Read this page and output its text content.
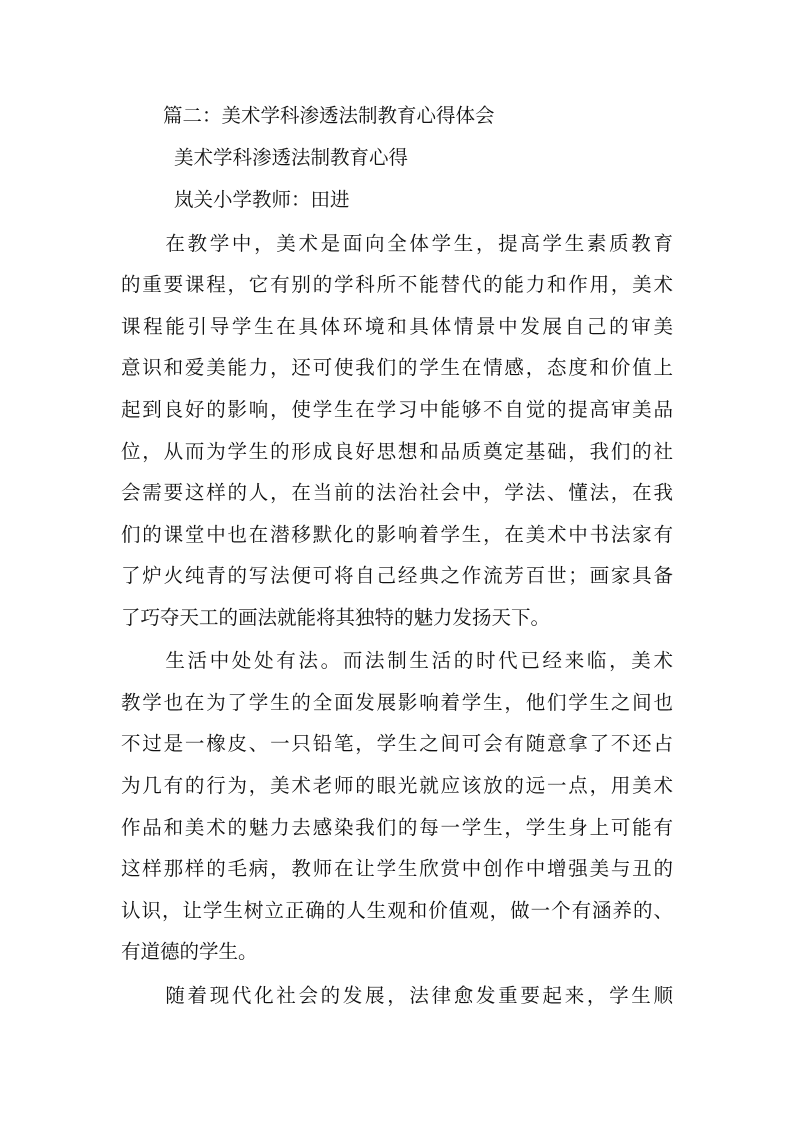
篇二：美术学科渗透法制教育心得体会
美术学科渗透法制教育心得
岚关小学教师：田进
　　在教学中，美术是面向全体学生，提高学生素质教育
的重要课程，它有别的学科所不能替代的能力和作用，美术
课程能引导学生在具体环境和具体情景中发展自己的审美
意识和爱美能力，还可使我们的学生在情感，态度和价值上
起到良好的影响，使学生在学习中能够不自觉的提高审美品
位，从而为学生的形成良好思想和品质奠定基础，我们的社
会需要这样的人，在当前的法治社会中，学法、懂法，在我
们的课堂中也在潜移默化的影响着学生，在美术中书法家有
了炉火纯青的写法便可将自己经典之作流芳百世；画家具备
了巧夺天工的画法就能将其独特的魅力发扬天下。
　　生活中处处有法。而法制生活的时代已经来临，美术
教学也在为了学生的全面发展影响着学生，他们学生之间也
不过是一橡皮、一只铅笔，学生之间可会有随意拿了不还占
为几有的行为，美术老师的眼光就应该放的远一点，用美术
作品和美术的魅力去感染我们的每一学生，学生身上可能有
这样那样的毛病，教师在让学生欣赏中创作中增强美与丑的
认识，让学生树立正确的人生观和价值观，做一个有涵养的、
有道德的学生。
　　随着现代化社会的发展，法律愈发重要起来，学生顺
